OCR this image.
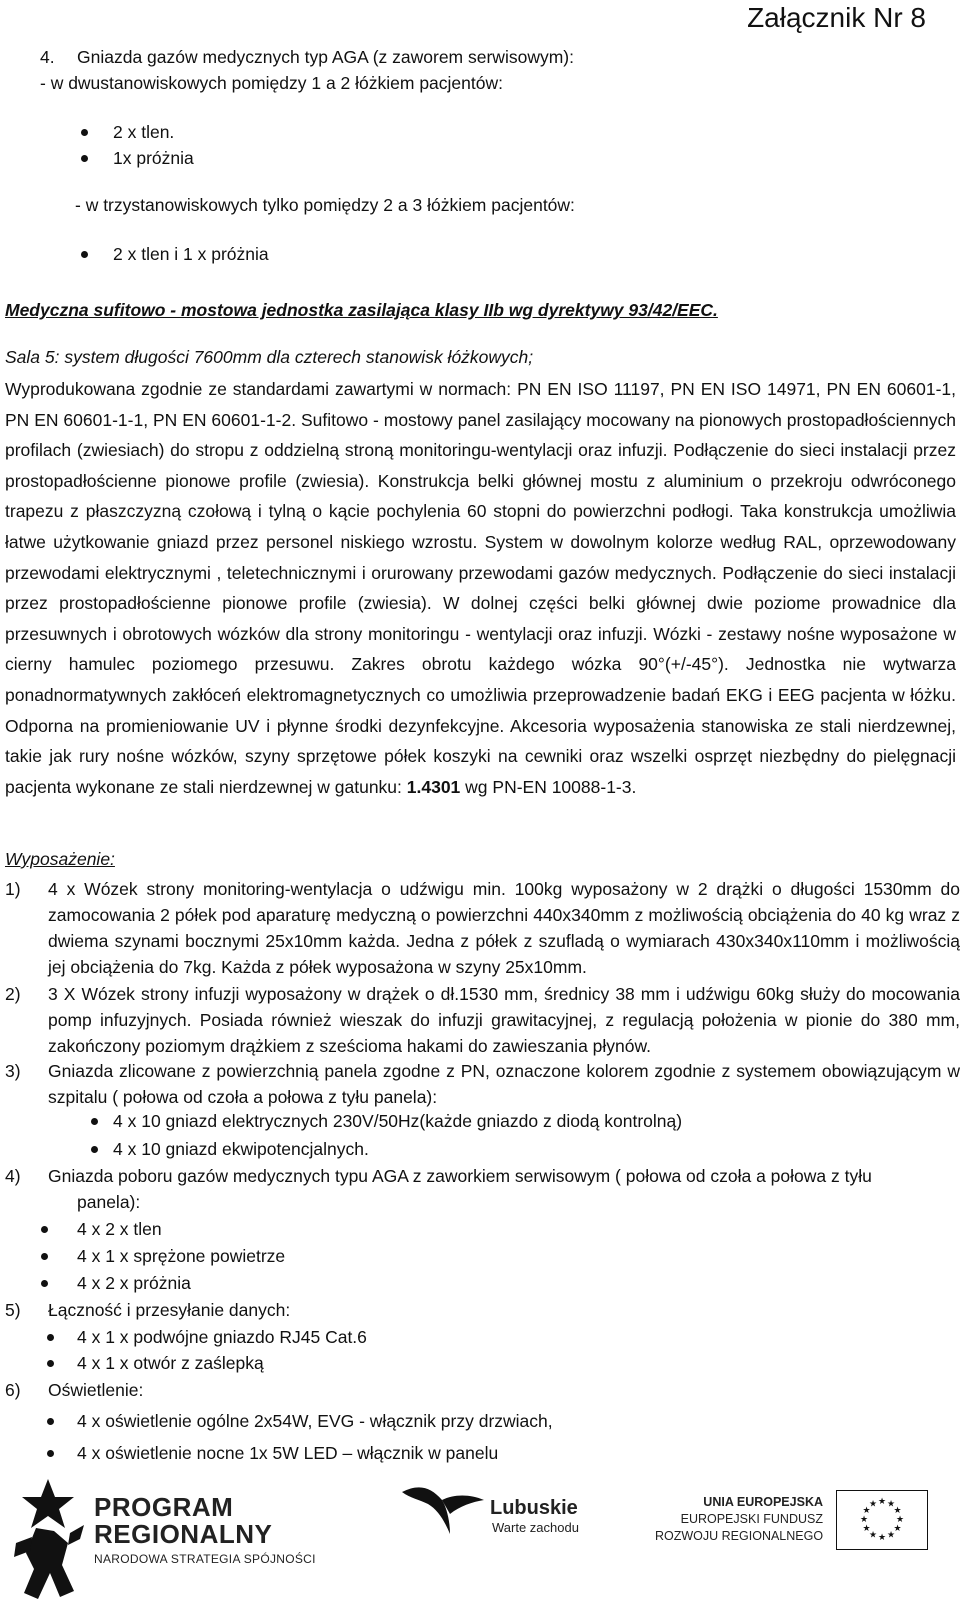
Załącznik Nr 8
4. Gniazda gazów medycznych typ AGA (z zaworem serwisowym):
- w dwustanowiskowych pomiędzy 1 a 2 łóżkiem pacjentów:
2 x tlen.
1x próżnia
- w trzystanowiskowych tylko pomiędzy 2 a 3 łóżkiem pacjentów:
2 x tlen i 1 x próżnia
Medyczna sufitowo - mostowa jednostka zasilająca klasy IIb wg dyrektywy 93/42/EEC.
Sala 5: system długości 7600mm dla czterech stanowisk łóżkowych;
Wyprodukowana zgodnie ze standardami zawartymi w normach: PN EN ISO 11197, PN EN ISO 14971, PN EN 60601-1, PN EN 60601-1-1, PN EN 60601-1-2. Sufitowo - mostowy panel zasilający mocowany na pionowych prostopadłościennych profilach (zwiesiach) do stropu z oddzielną stroną monitoringu-wentylacji oraz infuzji. Podłączenie do sieci instalacji przez prostopadłościenne pionowe profile (zwiesia). Konstrukcja belki głównej mostu z aluminium o przekroju odwróconego trapezu z płaszczyzną czołową i tylną o kącie pochylenia 60 stopni do powierzchni podłogi. Taka konstrukcja umożliwia łatwe użytkowanie gniazd przez personel niskiego wzrostu. System w dowolnym kolorze według RAL, oprzewodowany przewodami elektrycznymi , teletechnicznymi i orurowany przewodami gazów medycznych. Podłączenie do sieci instalacji przez prostopadłościenne pionowe profile (zwiesia). W dolnej części belki głównej dwie poziome prowadnice dla przesuwnych i obrotowych wózków dla strony monitoringu - wentylacji oraz infuzji. Wózki - zestawy nośne wyposażone w cierny hamulec poziomego przesuwu. Zakres obrotu każdego wózka 90°(+/-45°). Jednostka nie wytwarza ponadnormatywnych zakłóceń elektromagnetycznych co umożliwia przeprowadzenie badań EKG i EEG pacjenta w łóżku. Odporna na promieniowanie UV i płynne środki dezynfekcyjne. Akcesoria wyposażenia stanowiska ze stali nierdzewnej, takie jak rury nośne wózków, szyny sprzętowe półek koszyki na cewniki oraz wszelki osprzęt niezbędny do pielęgnacji pacjenta wykonane ze stali nierdzewnej w gatunku: 1.4301 wg PN-EN 10088-1-3.
Wyposażenie:
1) 4 x Wózek strony monitoring-wentylacja o udźwigu min. 100kg wyposażony w 2 drążki o długości 1530mm do zamocowania 2 półek pod aparaturę medyczną o powierzchni 440x340mm z możliwością obciążenia do 40 kg wraz z dwiema szynami bocznymi 25x10mm każda. Jedna z półek z szufladą o wymiarach 430x340x110mm i możliwością jej obciążenia do 7kg. Każda z półek wyposażona w szyny 25x10mm.
2) 3 X Wózek strony infuzji wyposażony w drążek o dł.1530 mm, średnicy 38 mm i udźwigu 60kg służy do mocowania pomp infuzyjnych. Posiada również wieszak do infuzji grawitacyjnej, z regulacją położenia w pionie do 380 mm, zakończony poziomym drążkiem z sześcioma hakami do zawieszania płynów.
3) Gniazda zlicowane z powierzchnią panela zgodne z PN, oznaczone kolorem zgodnie z systemem obowiązującym w szpitalu ( połowa od czoła a połowa z tyłu panela):
4 x 10 gniazd elektrycznych 230V/50Hz(każde gniazdo z diodą kontrolną)
4 x 10 gniazd ekwipotencjalnych.
4) Gniazda poboru gazów medycznych typu AGA z zaworkiem serwisowym ( połowa od czoła a połowa z tyłu
panela):
4 x 2 x tlen
4 x 1 x sprężone powietrze
4 x 2 x próżnia
5) Łączność i przesyłanie danych:
4 x 1 x podwójne gniazdo RJ45 Cat.6
4 x 1 x otwór z zaślepką
6) Oświetlenie:
4 x oświetlenie ogólne 2x54W, EVG - włącznik przy drzwiach,
4 x oświetlenie nocne 1x 5W LED – włącznik w panelu
PROGRAM
REGIONALNY
NARODOWA STRATEGIA SPÓJNOŚCI
Lubuskie
Warte zachodu
UNIA EUROPEJSKA
EUROPEJSKI FUNDUSZ
ROZWOJU REGIONALNEGO
★ ★
★
★
★
★
★
★
★
★
★
★
